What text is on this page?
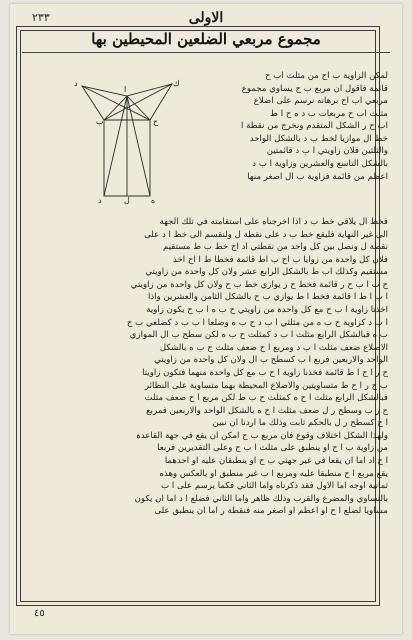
الاولى
٢٣٣
مجموع مربعي الضلعين المحيطين بها
ا
د	ك
ب	ح
د	ل	ه
لمكن الزاوية ب اح من مثلث اب ح
قائمة فاقول ان مربع ب ح يساوي مجموع
مربعي اب اح برهانه نرسم على اضلاع
مثلث اب ح مربعات ب د ه ح ا ط
اب ح ر الشكل المتقدم ونخرج من نقطة ا
خط ال موازيا لخط ب د بالشكل الواحد
والثلثين فلان زاويتي ا ب د قائمتين
بالشكل التاسع والعشرين وزاوية ا ب د
اعظم من قائمة فزاوية ب ال اصغر منها
فخط ال يلاقي خط ب د اذا اخرجناه على استقامته في تلك الجهة
الى غير النهاية فليقع خط ب د على نقطة ل ولنقسم الى خط ا د على
نقطة ل ونصل بين كل واحد من نقطتي اد اح خط ب ط مستقيم
فلان كل واحدة من زوايا ب اح ب اط قائمة فخطا ط ا اح اخذ
مستقيم وكذلك اب ط بالشكل الرابع عشر ولان كل واحدة من زاويتي
ح ب ا ب ح ر قائمة فخط ح ر يوازي خط ب ح ولان كل واحدة من زاويتي
ا ب ا ط ا قائمة فخط ا ط يوازي ب ح بالشكل الثامن والعشرين واذا
اخذنا زاوية ا ب ح مع كل واحدة من زاويتي ح ب ه ا ب ح يكون زاوية
ا ب د كزاوية ح ب ه من مثلثي ا ب د ح ب ه وضلعا ا ب ب د كضلعي ب ح
ب ه فبالشكل الرابع مثلث ا ب د كمثلث ح ب ه لكن سطح ب ال الموازي
الاضلاع ضعف مثلث ا ب د ومربع ا ح ضعف مثلث ح ب ه بالشكل
الواحد والاربعين فربع ا ب كسطح ب ال ولان كل واحدة من زاويتي
ح ر ا ح ا ط قائمة فخذنا زاوية ا ح ب مع كل واحدة منهما فتكون زاويتا
ب ح ر ا ح ط متساويتين والاضلاع المحيطة بهما متساوية على النظائر
فبالشكل الرابع مثلث ا ح ه كمثلث ح ب ط لكن مربع ا ح ضعف مثلث
ح ر ب وسطح ر ل ضعف مثلث ا ح ه بالشكل الواحد والاربعين فمربع
ا ح كسطح ر ل بالحكم ثابت وذلك ما اردنا ان نبين
ولهذا الشكل اختلاف وقوع فان مربع ب ح امكن ان يقع في جهة القاعدة
من زاوية ب ا ح او ينطبق على مثلث ا ب ح وعلى التقديرين فربعا
ا ح اد اما ان يقعا في غير جهتي ب ح او ينطبقان عليه او احدهما
يقع مربع ا ح منطبقا عليه ومربع ا ب غير منطبق او بالعكس وهذه
ثمانية اوجه اما الاول فقد ذكرناه واما الثاني فكما يرسم على ا ب
بالتساوي والمضرع والقرب وذلك ظاهر واما الثاني فضلع ا د اما ان يكون
مساويا لضلع ا ح او اعظم او اصغر منه فنقطة ر اما ان ينطبق على
٤٥
